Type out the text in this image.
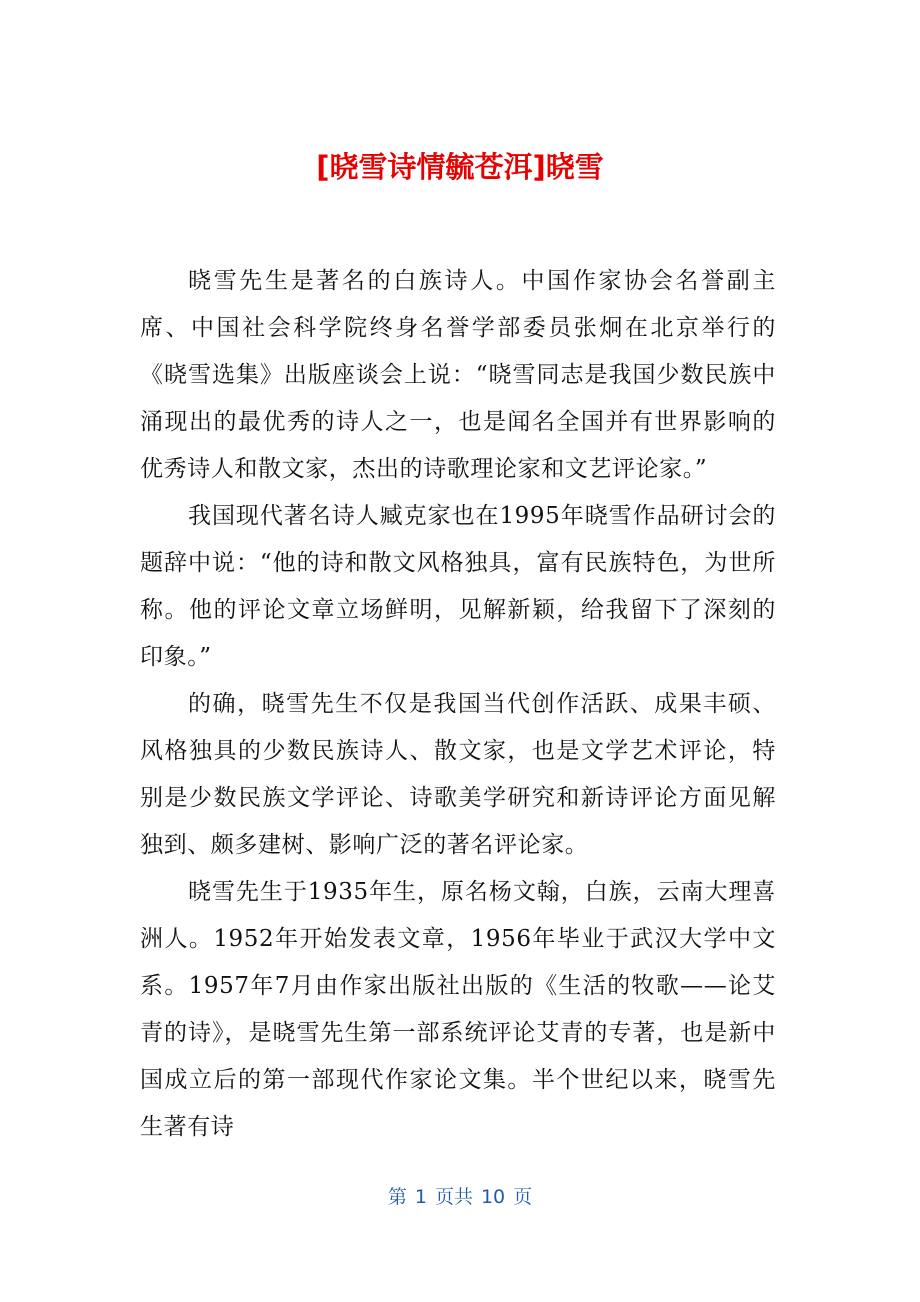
[晓雪诗情毓苍洱]晓雪

晓雪先生是著名的白族诗人。中国作家协会名誉副主席、中国社会科学院终身名誉学部委员张炯在北京举行的《晓雪选集》出版座谈会上说：“晓雪同志是我国少数民族中涌现出的最优秀的诗人之一，也是闻名全国并有世界影响的优秀诗人和散文家，杰出的诗歌理论家和文艺评论家。”

我国现代著名诗人臧克家也在1995年晓雪作品研讨会的题辞中说：“他的诗和散文风格独具，富有民族特色，为世所称。他的评论文章立场鲜明，见解新颖，给我留下了深刻的印象。”

的确，晓雪先生不仅是我国当代创作活跃、成果丰硕、风格独具的少数民族诗人、散文家，也是文学艺术评论，特别是少数民族文学评论、诗歌美学研究和新诗评论方面见解独到、颇多建树、影响广泛的著名评论家。

晓雪先生于1935年生，原名杨文翰，白族，云南大理喜洲人。1952年开始发表文章，1956年毕业于武汉大学中文系。1957年7月由作家出版社出版的《生活的牧歌——论艾青的诗》，是晓雪先生第一部系统评论艾青的专著，也是新中国成立后的第一部现代作家论文集。半个世纪以来，晓雪先生著有诗

第 1 页共 10 页
